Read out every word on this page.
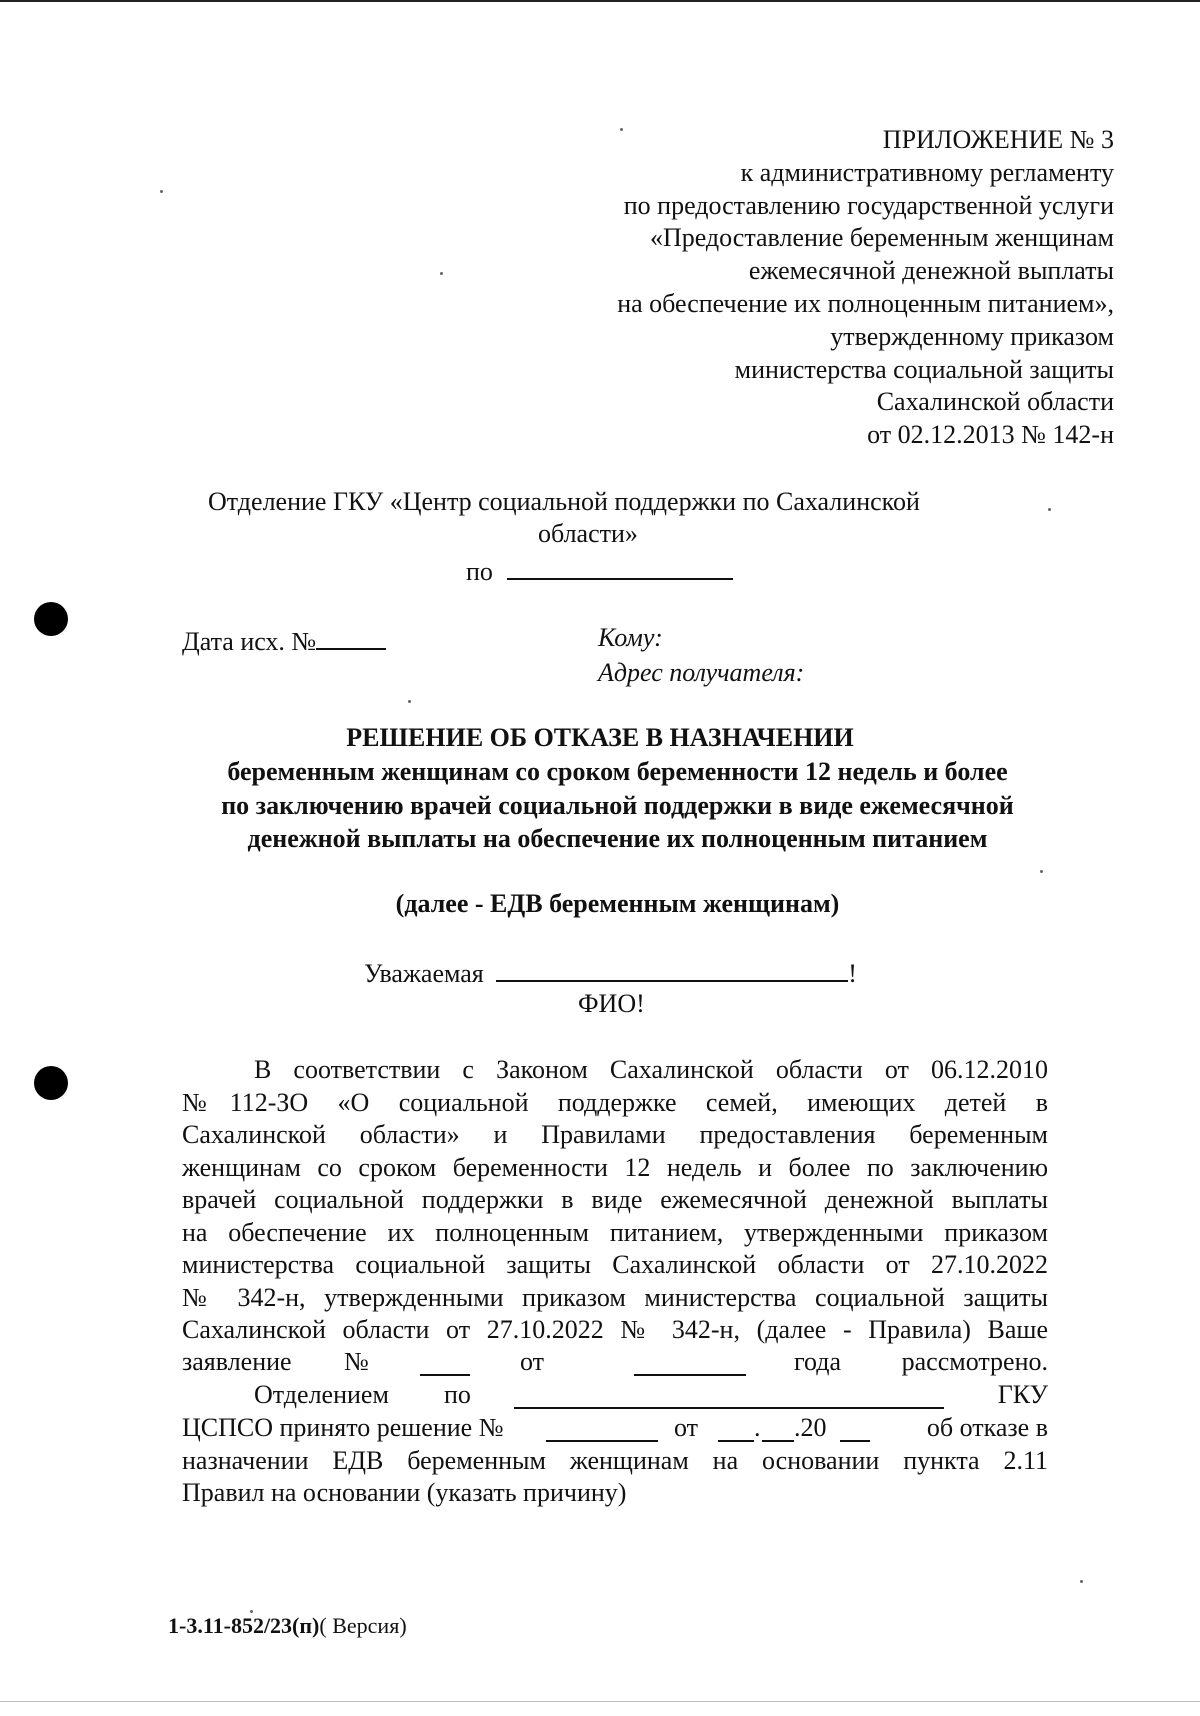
ПРИЛОЖЕНИЕ № 3
к административному регламенту
по предоставлению государственной услуги
«Предоставление беременным женщинам
ежемесячной денежной выплаты
на обеспечение их полноценным питанием»,
утвержденному приказом
министерства социальной защиты
Сахалинской области
от 02.12.2013 № 142-н
Отделение ГКУ «Центр социальной поддержки по Сахалинской
области»
по
Дата исх. №	Кому:
Адрес получателя:
РЕШЕНИЕ ОБ ОТКАЗЕ В НАЗНАЧЕНИИ
беременным женщинам со сроком беременности 12 недель и более
по заключению врачей социальной поддержки в виде ежемесячной
денежной выплаты на обеспечение их полноценным питанием
(далее - ЕДВ беременным женщинам)
Уважаемая	!
ФИО!
В соответствии с Законом Сахалинской области от 06.12.2010
№112-ЗО «О социальной поддержке семей, имеющих детей в
Сахалинской области» и Правилами предоставления беременным
женщинам со сроком беременности 12 недель и более по заключению
врачей социальной поддержки в виде ежемесячной денежной выплаты
на обеспечение их полноценным питанием, утвержденными приказом
министерства социальной защиты Сахалинской области от 27.10.2022
№ 342-н, утвержденными приказом министерства социальной защиты
Сахалинской области от 27.10.2022 № 342-н, (далее - Правила) Ваше
заявление №	от	года рассмотрено.
Отделением по	ГКУ
ЦСПСО принято решение №	от . .20	об отказе в
назначении ЕДВ беременным женщинам на основании пункта 2.11
Правил на основании (указать причину)
1-3.11-852/23(п)( Версия)
